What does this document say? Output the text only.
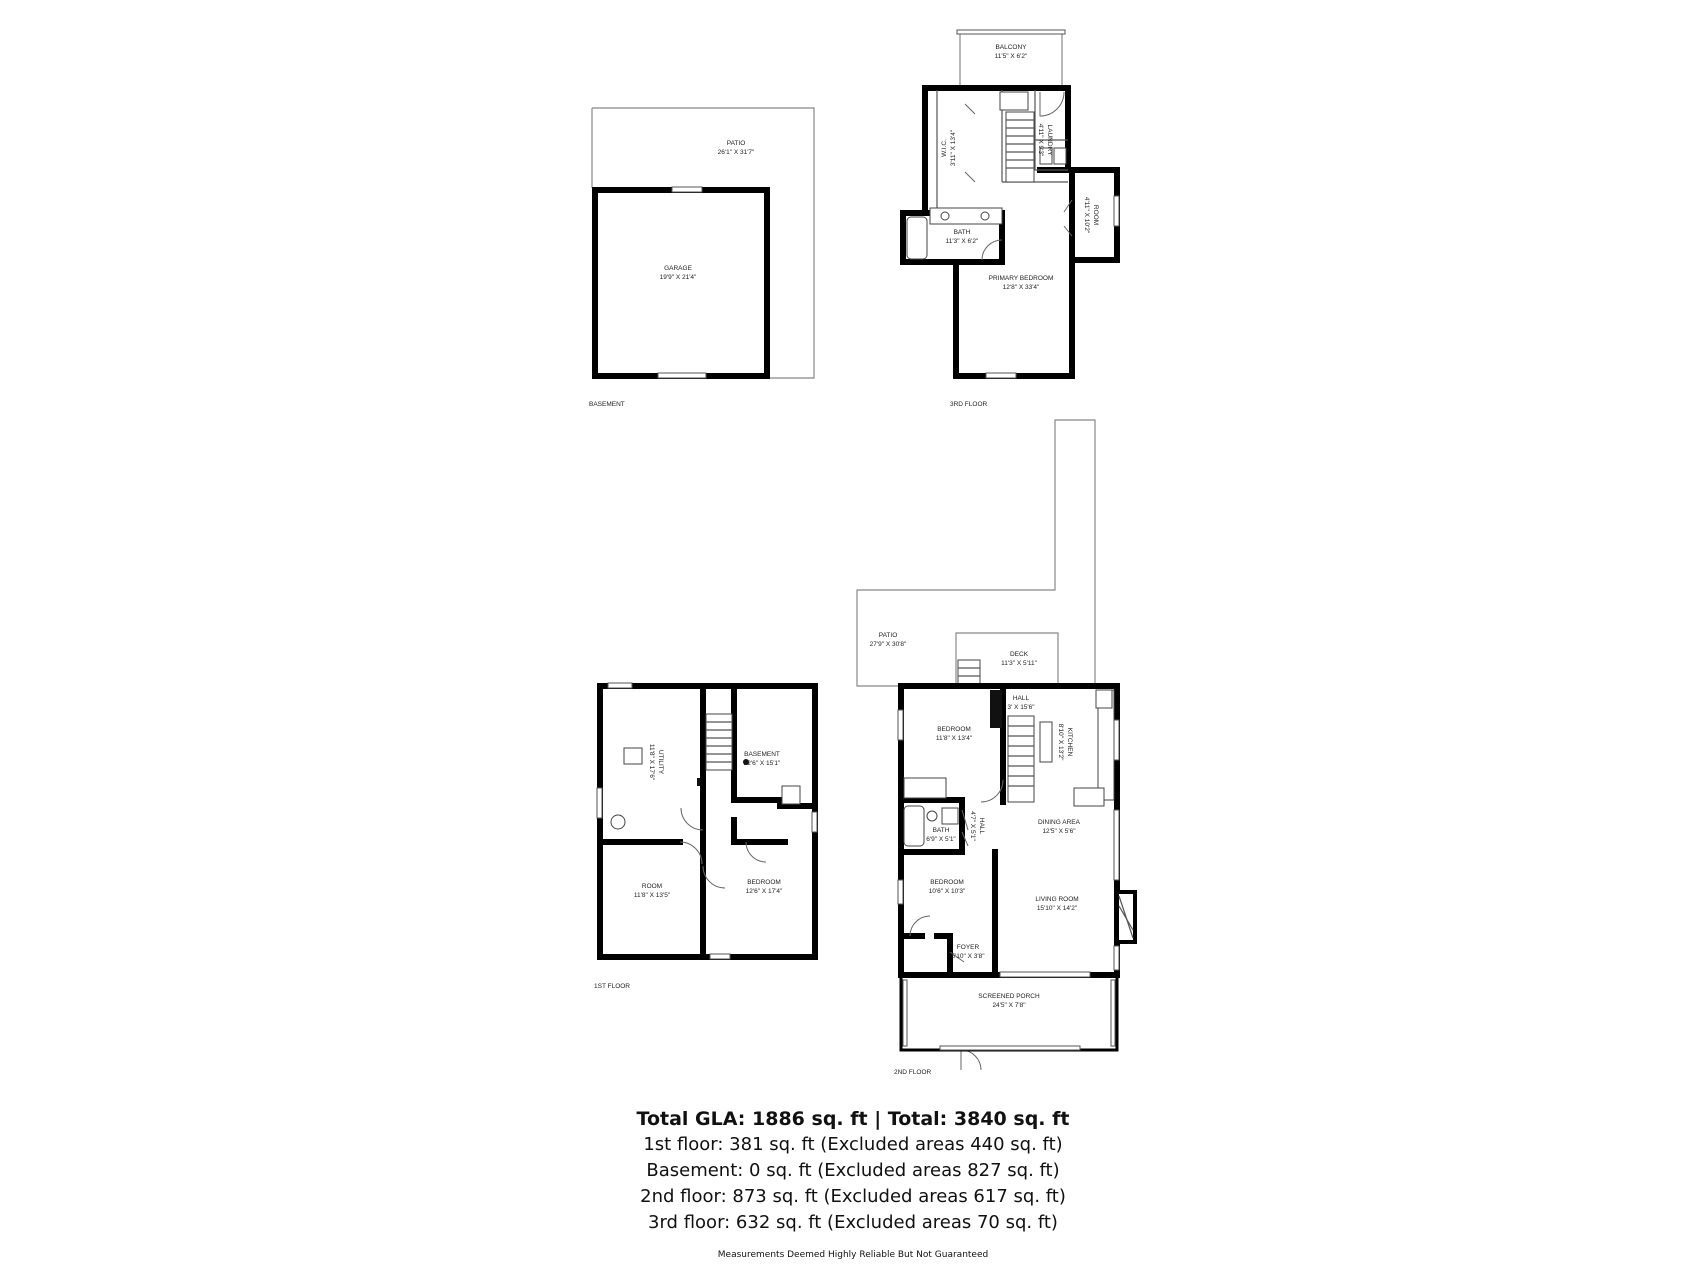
PATIO
26'1" X 31'7"
GARAGE
19'9" X 21'4"
BASEMENT
BALCONY
11'5" X 6'2"
W.I.C. 3'11" X 13'4"	LAUNDRY
4'11" X 9'3"
BATH
11'3" X 6'2"
ROOM
4'11" X 10'2"
PRIMARY BEDROOM
12'8" X 33'4"
3RD FLOOR
UTILITY
11'8" X 17'6"	BASEMENT
12'6" X 15'1"
ROOM
11'8" X 13'5"
BEDROOM
12'6" X 17'4"
1ST FLOOR
PATIO
27'9" X 30'8"
DECK
11'3" X 5'11"
HALL
3' X 15'6"
BEDROOM
11'8" X 13'4"	KITCHEN
8'10" X 13'2"
BATH
6'9" X 5'1"
HALL
4'7" X 5'1"	DINING AREA
12'5" X 5'6"
BEDROOM
10'6" X 10'3"
LIVING ROOM
15'10" X 14'2"
FOYER
5'10" X 3'8"
SCREENED PORCH
24'5" X 7'8"
2ND FLOOR
Total GLA: 1886 sq. ft | Total: 3840 sq. ft
1st floor: 381 sq. ft (Excluded areas 440 sq. ft)
Basement: 0 sq. ft (Excluded areas 827 sq. ft)
2nd floor: 873 sq. ft (Excluded areas 617 sq. ft)
3rd floor: 632 sq. ft (Excluded areas 70 sq. ft)
Measurements Deemed Highly Reliable But Not Guaranteed
